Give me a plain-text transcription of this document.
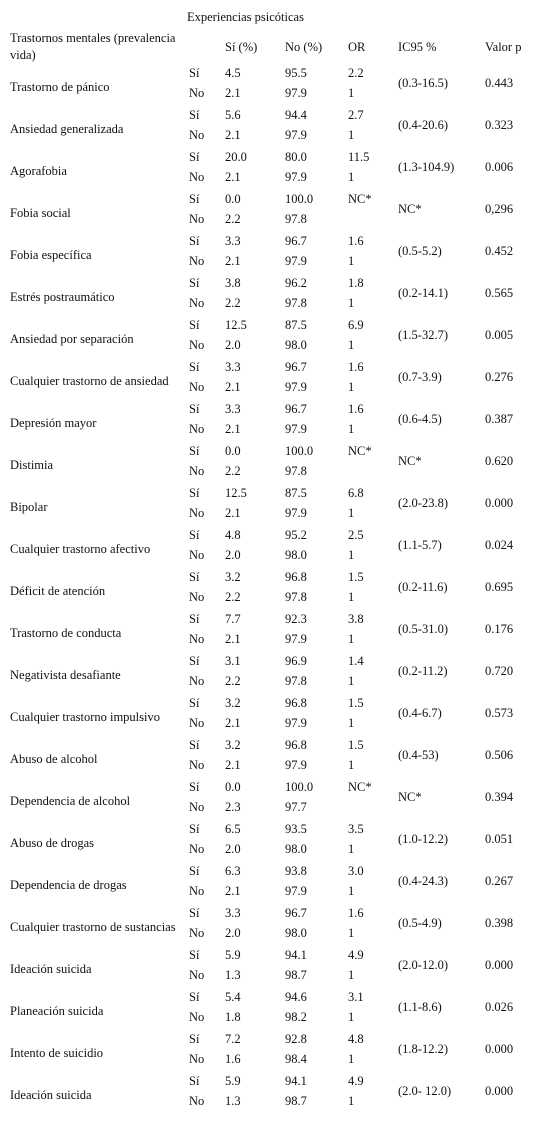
Experiencias psicóticas
Trastornos mentales (prevalencia vida)
Sí (%) No (%) OR	IC95 %	Valor p
Trastorno de pánico
Sí 4.5	95.5	2.2
No 2.1	97.9	1
(0.3-16.5)	0.443
Ansiedad generalizada
Sí 5.6	94.4	2.7
No 2.1	97.9	1
(0.4-20.6)	0.323
Agorafobia
Sí 20.0	80.0	11.5
No 2.1	97.9	1
(1.3-104.9) 0.006
Fobia social
Sí 0.0	100.0	NC*
No 2.2	97.8
NC*	0,296
Fobia específica
Sí 3.3	96.7	1.6
No 2.1	97.9	1
(0.5-5.2)	0.452
Estrés postraumático
Sí 3.8	96.2	1.8
No 2.2	97.8	1
(0.2-14.1)	0.565
Ansiedad por separación
Sí 12.5	87.5	6.9
No 2.0	98.0	1
(1.5-32.7)	0.005
Cualquier trastorno de ansiedad
Sí 3.3	96.7	1.6
No 2.1	97.9	1
(0.7-3.9)	0.276
Depresión mayor
Sí 3.3	96.7	1.6
No 2.1	97.9	1
(0.6-4.5)	0.387
Distimia
Sí 0.0	100.0	NC*
No 2.2	97.8
NC*	0.620
Bipolar
Sí 12.5	87.5	6.8
No 2.1	97.9	1
(2.0-23.8)	0.000
Cualquier trastorno afectivo
Sí 4.8	95.2	2.5
No 2.0	98.0	1
(1.1-5.7)	0.024
Déficit de atención
Sí 3.2	96.8	1.5
No 2.2	97.8	1
(0.2-11.6)	0.695
Trastorno de conducta
Sí 7.7	92.3	3.8
No 2.1	97.9	1
(0.5-31.0)	0.176
Negativista desafiante
Sí 3.1	96.9	1.4
No 2.2	97.8	1
(0.2-11.2)	0.720
Cualquier trastorno impulsivo
Sí 3.2	96.8	1.5
No 2.1	97.9	1
(0.4-6.7)	0.573
Abuso de alcohol
Sí 3.2	96.8	1.5
No 2.1	97.9	1
(0.4-53)	0.506
Dependencia de alcohol
Sí 0.0	100.0	NC*
No 2.3	97.7
NC*	0.394
Abuso de drogas
Sí 6.5	93.5	3.5
No 2.0	98.0	1
(1.0-12.2)	0.051
Dependencia de drogas
Sí 6.3	93.8	3.0
No 2.1	97.9	1
(0.4-24.3)	0.267
Cualquier trastorno de sustancias
Sí 3.3	96.7	1.6
No 2.0	98.0	1
(0.5-4.9)	0.398
Ideación suicida
Sí 5.9	94.1	4.9
No 1.3	98.7	1
(2.0-12.0)	0.000
Planeación suicida
Sí 5.4	94.6	3.1
No 1.8	98.2	1
(1.1-8.6)	0.026
Intento de suicidio
Sí 7.2	92.8	4.8
No 1.6	98.4	1
(1.8-12.2)	0.000
Ideación suicida
Sí 5.9	94.1	4.9
No 1.3	98.7	1
(2.0- 12.0)	0.000
